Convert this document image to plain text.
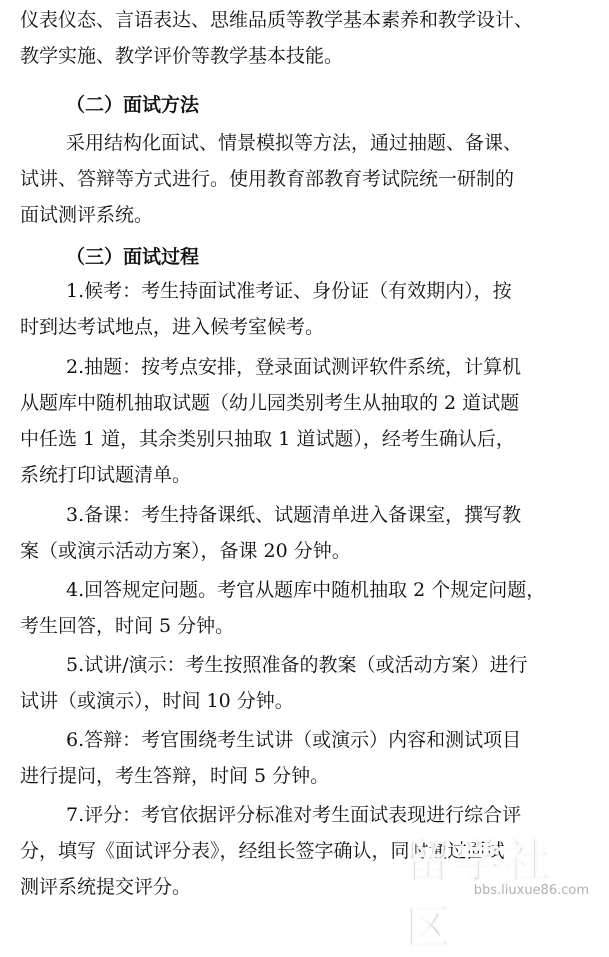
仪表仪态、言语表达、思维品质等教学基本素养和教学设计、
教学实施、教学评价等教学基本技能。
（二）面试方法
采用结构化面试、情景模拟等方法，通过抽题、备课、
试讲、答辩等方式进行。使用教育部教育考试院统一研制的
面试测评系统。
（三）面试过程
1.候考：考生持面试准考证、身份证（有效期内），按
时到达考试地点，进入候考室候考。
2.抽题：按考点安排，登录面试测评软件系统，计算机
从题库中随机抽取试题（幼儿园类别考生从抽取的 2 道试题
中任选 1 道，其余类别只抽取 1 道试题），经考生确认后，
系统打印试题清单。
3.备课：考生持备课纸、试题清单进入备课室，撰写教
案（或演示活动方案），备课 20 分钟。
4.回答规定问题。考官从题库中随机抽取 2 个规定问题，
考生回答，时间 5 分钟。
5.试讲/演示：考生按照准备的教案（或活动方案）进行
试讲（或演示），时间 10 分钟。
6.答辩：考官围绕考生试讲（或演示）内容和测试项目
进行提问，考生答辩，时间 5 分钟。
7.评分：考官依据评分标准对考生面试表现进行综合评
分，填写《面试评分表》，经组长签字确认，同时通过面试
测评系统提交评分。	留学社区
bbs.liuxue86.com
